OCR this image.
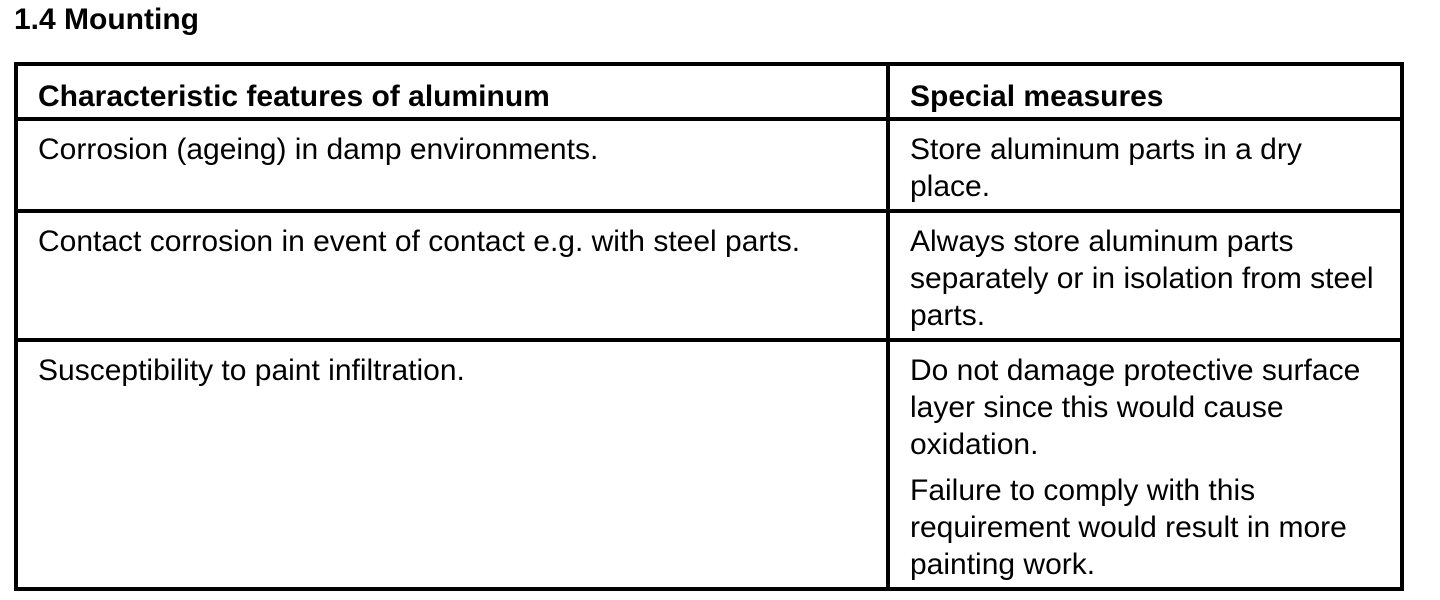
1.4 Mounting
Characteristic features of aluminum	Special measures

Corrosion (ageing) in damp environments.	Store aluminum parts in a dry place.

Contact corrosion in event of contact e.g. with steel parts.	Always store aluminum parts separately or in isolation from steel parts.

Susceptibility to paint infiltration.	Do not damage protective surface layer since this would cause oxidation.

Failure to comply with this requirement would result in more painting work.
